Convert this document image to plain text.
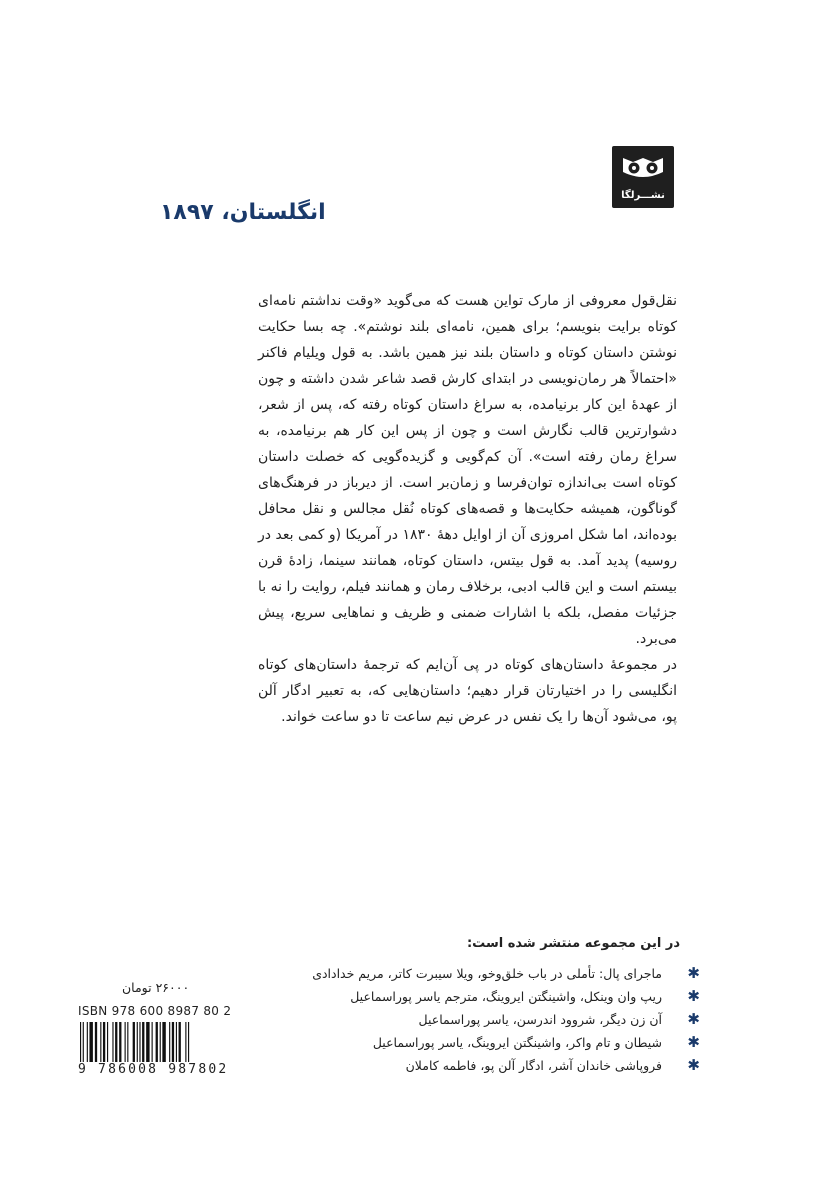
نشـــرلگا
انگلستان، ۱۸۹۷

نقل‌قول معروفی از مارک تواین هست که می‌گوید «وقت نداشتم نامه‌ای کوتاه برایت بنویسم؛ برای همین، نامه‌ای بلند نوشتم». چه بسا حکایت نوشتن داستان کوتاه و داستان بلند نیز همین باشد. به قول ویلیام فاکنر «احتمالاً هر رمان‌نویسی در ابتدای کارش قصد شاعر شدن داشته و چون از عهدهٔ این کار برنیامده، به سراغ داستان کوتاه رفته که، پس از شعر، دشوارترین قالب نگارش است و چون از پس این کار هم برنیامده، به سراغ رمان رفته است». آن کم‌گویی و گزیده‌گویی که خصلت داستان کوتاه است بی‌اندازه توان‌فرسا و زمان‌بر است. از دیرباز در فرهنگ‌های گوناگون، همیشه حکایت‌ها و قصه‌های کوتاه نُقل مجالس و نقل محافل بوده‌اند، اما شکل امروزی آن از اوایل دههٔ ۱۸۳۰ در آمریکا (و کمی بعد در روسیه) پدید آمد. به قول بیتس، داستان کوتاه، همانند سینما، زادهٔ قرن بیستم است و این قالب ادبی، برخلاف رمان و همانند فیلم، روایت را نه با جزئیات مفصل، بلکه با اشارات ضمنی و ظریف و نماهایی سریع، پیش می‌برد.

در مجموعهٔ داستان‌های کوتاه در پی آن‌ایم که ترجمهٔ داستان‌های کوتاه انگلیسی را در اختیارتان قرار دهیم؛ داستان‌هایی که، به تعبیر ادگار آلن پو، می‌شود آن‌ها را یک نفس در عرض نیم ساعت تا دو ساعت خواند.

در این مجموعه منتشر شده است:
✱
ماجرای پال: تأملی در باب خلق‌وخو، ویلا سیبرت کاتر، مریم خدادادی
✱
ریپ وان وینکل، واشینگتن ایروینگ، مترجم یاسر پوراسماعیل
✱
آن زن دیگر، شروود اندرسن، یاسر پوراسماعیل
✱
شیطان و تام واکر، واشینگتن ایروینگ، یاسر پوراسماعیل
✱
فروپاشی خاندان آشر، ادگار آلن پو، فاطمه کاملان
۲۶۰۰۰ تومان
ISBN 978 600 8987 80 2
9 786008 987802
